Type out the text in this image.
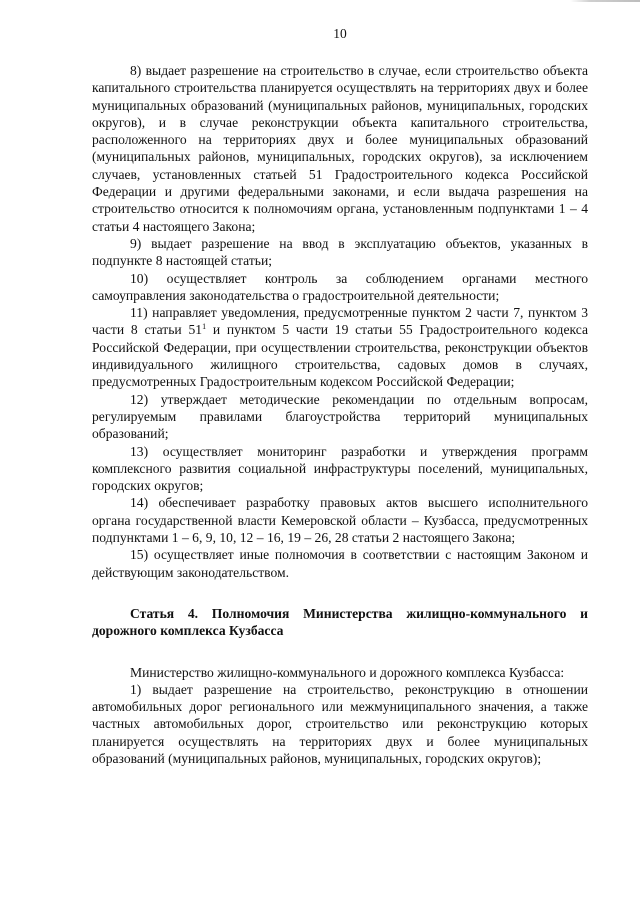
10

8) выдает разрешение на строительство в случае, если строительство объекта капитального строительства планируется осуществлять на территориях двух и более муниципальных образований (муниципальных районов, муниципальных, городских округов), и в случае реконструкции объекта капитального строительства, расположенного на территориях двух и более муниципальных образований (муниципальных районов, муниципальных, городских округов), за исключением случаев, установленных статьей 51 Градостроительного кодекса Российской Федерации и другими федеральными законами, и если выдача разрешения на строительство относится к полномочиям органа, установленным подпунктами 1 – 4 статьи 4 настоящего Закона;

9) выдает разрешение на ввод в эксплуатацию объектов, указанных в подпункте 8 настоящей статьи;

10) осуществляет контроль за соблюдением органами местного самоуправления законодательства о градостроительной деятельности;

11) направляет уведомления, предусмотренные пунктом 2 части 7, пунктом 3 части 8 статьи 51$^1$ и пунктом 5 части 19 статьи 55 Градостроительного кодекса Российской Федерации, при осуществлении строительства, реконструкции объектов индивидуального жилищного строительства, садовых домов в случаях, предусмотренных Градостроительным кодексом Российской Федерации;

12) утверждает методические рекомендации по отдельным вопросам, регулируемым правилами благоустройства территорий муниципальных образований;

13) осуществляет мониторинг разработки и утверждения программ комплексного развития социальной инфраструктуры поселений, муниципальных, городских округов;

14) обеспечивает разработку правовых актов высшего исполнительного органа государственной власти Кемеровской области – Кузбасса, предусмотренных подпунктами 1 – 6, 9, 10, 12 – 16, 19 – 26, 28 статьи 2 настоящего Закона;

15) осуществляет иные полномочия в соответствии с настоящим Законом и действующим законодательством.

Статья 4. Полномочия Министерства жилищно-коммунального и дорожного комплекса Кузбасса

Министерство жилищно-коммунального и дорожного комплекса Кузбасса:

1) выдает разрешение на строительство, реконструкцию в отношении автомобильных дорог регионального или межмуниципального значения, а также частных автомобильных дорог, строительство или реконструкцию которых планируется осуществлять на территориях двух и более муниципальных образований (муниципальных районов, муниципальных, городских округов);
